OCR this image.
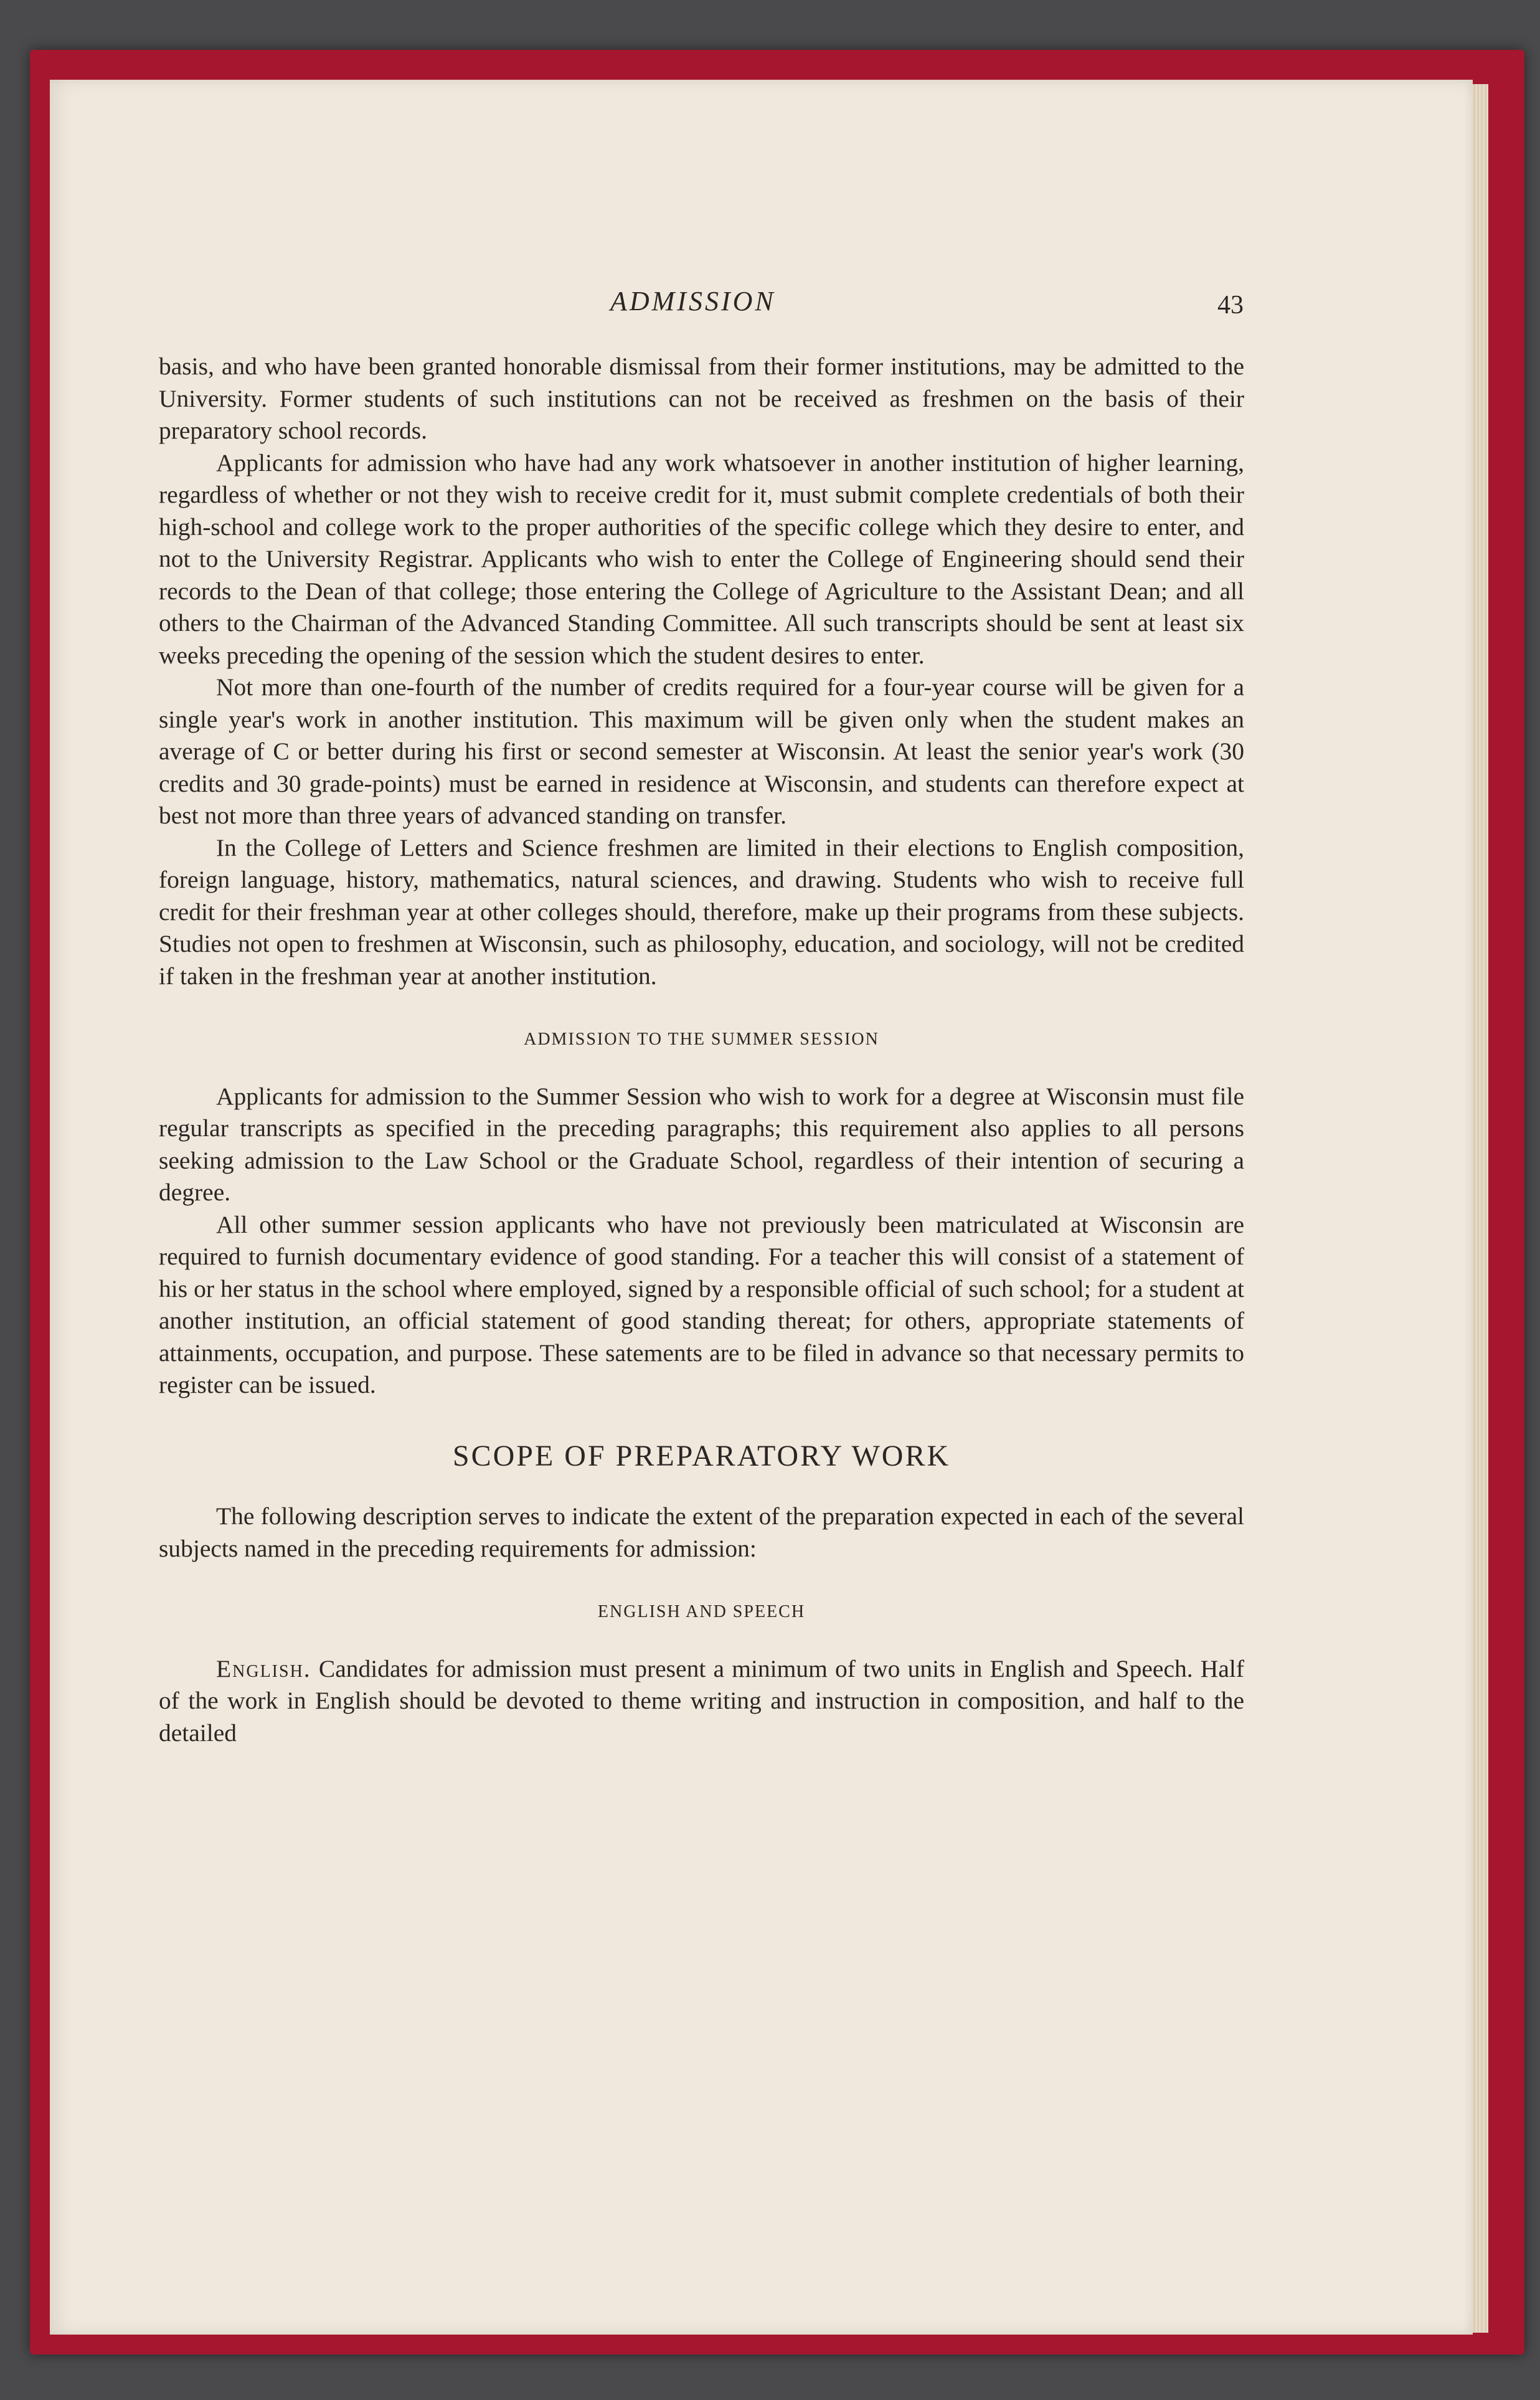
ADMISSION	43

basis, and who have been granted honorable dismissal from their former institutions, may be admitted to the University. Former students of such institutions can not be received as freshmen on the basis of their preparatory school records.

Applicants for admission who have had any work whatsoever in another institution of higher learning, regardless of whether or not they wish to receive credit for it, must submit complete credentials of both their high-school and college work to the proper authorities of the specific college which they desire to enter, and not to the University Registrar. Applicants who wish to enter the College of Engineering should send their records to the Dean of that college; those entering the College of Agriculture to the Assistant Dean; and all others to the Chairman of the Advanced Standing Committee. All such transcripts should be sent at least six weeks preceding the opening of the session which the student desires to enter.

Not more than one-fourth of the number of credits required for a four-year course will be given for a single year's work in another institution. This maximum will be given only when the student makes an average of C or better during his first or second semester at Wisconsin. At least the senior year's work (30 credits and 30 grade-points) must be earned in residence at Wisconsin, and students can therefore expect at best not more than three years of advanced standing on transfer.

In the College of Letters and Science freshmen are limited in their elections to English composition, foreign language, history, mathematics, natural sciences, and drawing. Students who wish to receive full credit for their freshman year at other colleges should, therefore, make up their programs from these subjects. Studies not open to freshmen at Wisconsin, such as philosophy, education, and sociology, will not be credited if taken in the freshman year at another institution.

ADMISSION TO THE SUMMER SESSION

Applicants for admission to the Summer Session who wish to work for a degree at Wisconsin must file regular transcripts as specified in the preceding paragraphs; this requirement also applies to all persons seeking admission to the Law School or the Graduate School, regardless of their intention of securing a degree.

All other summer session applicants who have not previously been matriculated at Wisconsin are required to furnish documentary evidence of good standing. For a teacher this will consist of a statement of his or her status in the school where employed, signed by a responsible official of such school; for a student at another institution, an official statement of good standing thereat; for others, appropriate statements of attainments, occupation, and purpose. These satements are to be filed in advance so that necessary permits to register can be issued.

SCOPE OF PREPARATORY WORK

The following description serves to indicate the extent of the preparation expected in each of the several subjects named in the preceding requirements for admission:

ENGLISH AND SPEECH

English. Candidates for admission must present a minimum of two units in English and Speech. Half of the work in English should be devoted to theme writing and instruction in composition, and half to the detailed
